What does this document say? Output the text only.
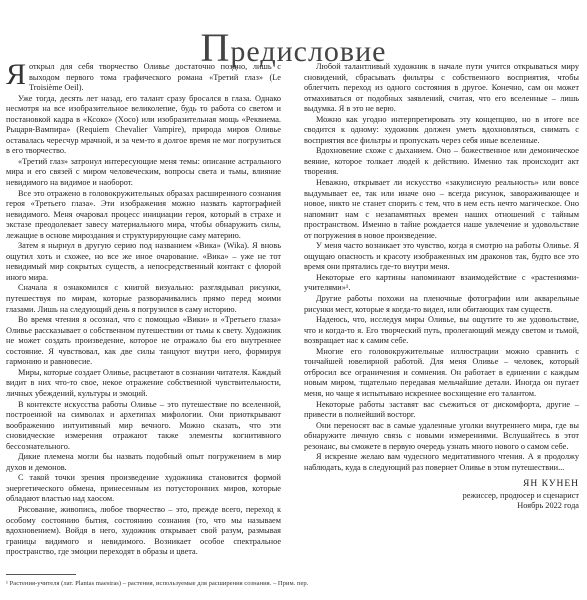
Предисловие

Яоткрыл для себя творчество Оливье достаточно поздно, лишь с выходом первого тома графического романа «Третий глаз» (Le Troisième Oeil).

Уже тогда, десять лет назад, его талант сразу бросался в глаза. Однако несмотря на все изобразительное великолепие, будь то работа со светом и постановкой кадра в «Ксоко» (Xoco) или изобразительная мощь «Реквиема. Рыцаря-Вампира» (Requiem Chevalier Vampire), природа миров Оливье оставалась чересчур мрачной, и за чем-то я долгое время не мог погрузиться в его творчество.

«Третий глаз» затронул интересующие меня темы: описание астрального мира и его связей с миром человеческим, вопросы света и тьмы, влияние невидимого на видимое и наоборот.

Все это отражено в головокружительных образах расширенного сознания героя «Третьего глаза». Эти изображения можно назвать картографией невидимого. Меня очаровал процесс инициации героя, который в страхе и экстазе преодолевает завесу материального мира, чтобы обнаружить силы, лежащие в основе мироздания и структурирующие саму материю.

Затем я нырнул в другую серию под названием «Вика» (Wika). Я вновь ощутил хоть и схожее, но все же иное очарование. «Вика» – уже не тот невидимый мир сокрытых существ, а непосредственный контакт с флорой иного мира.

Сначала я ознакомился с книгой визуально: разглядывал рисунки, путешествуя по мирам, которые разворачивались прямо перед моими глазами. Лишь на следующий день я погрузился в саму историю.

Во время чтения я осознал, что с помощью «Вики» и «Третьего глаза» Оливье рассказывает о собственном путешествии от тьмы к свету. Художник не может создать произведение, которое не отражало бы его внутреннее состояние. Я чувствовал, как две силы танцуют внутри него, формируя гармонию и равновесие.

Миры, которые создает Оливье, расцветают в сознании читателя. Каждый видит в них что-то свое, некое отражение собственной чувствительности, личных убеждений, культуры и эмоций.

В контексте искусства работы Оливье – это путешествие по вселенной, построенной на символах и архетипах мифологии. Они приоткрывают воображению интуитивный мир вечного. Можно сказать, что эти сновидческие измерения отражают также элементы когнитивного бессознательного.

Дикие племена могли бы назвать подобный опыт погружением в мир духов и демонов.

С такой точки зрения произведение художника становится формой энергетического обмена, принесенным из потусторонних миров, которые обладают властью над хаосом.

Рисование, живопись, любое творчество – это, прежде всего, переход к особому состоянию бытия, состоянию сознания (то, что мы называем вдохновением). Войдя в него, художник открывает свой разум, размывая границы видимого и невидимого. Возникает особое спектральное пространство, где эмоции переходят в образы и цвета.

Любой талантливый художник в начале пути учится открываться миру сновидений, сбрасывать фильтры с собственного восприятия, чтобы облегчить переход из одного состояния в другое. Конечно, сам он может отмахиваться от подобных заявлений, считая, что его вселенные – лишь выдумка. Я в это не верю.

Можно как угодно интерпретировать эту концепцию, но в итоге все сводится к одному: художник должен уметь вдохновляться, снимать с восприятия все фильтры и пропускать через себя иные вселенные.

Вдохновение схоже с дыханием. Оно – божественное или демоническое веяние, которое толкает людей к действию. Именно так происходит акт творения.

Неважно, открывает ли искусство «закулисную реальность» или вовсе выдумывает ее, так или иначе оно – всегда рисунок, завораживающее и новое, никто не станет спорить с тем, что в нем есть нечто магическое. Оно напомнит нам с незапамятных времен наших отношений с тайным пространством. Именно в тайне рождается наше увлечение и удовольствие от погружения в новое произведение.

У меня часто возникает это чувство, когда я смотрю на работы Оливье. Я ощущаю опасность и красоту изображенных им драконов так, будто все это время они прятались где-то внутри меня.

Некоторые его картины напоминают взаимодействие с «растениями-учителями»¹.

Другие работы похожи на пленочные фотографии или акварельные рисунки мест, которые я когда-то видел, или обитающих там существ.

Надеюсь, что, исследуя миры Оливье, вы ощутите то же удовольствие, что и когда-то я. Его творческий путь, пролегающий между светом и тьмой, возвращает нас к самим себе.

Многие его головокружительные иллюстрации можно сравнить с тончайшей ювелирной работой. Для меня Оливье – человек, который отбросил все ограничения и сомнения. Он работает в единении с каждым новым миром, тщательно передавая мельчайшие детали. Иногда он пугает меня, но чаще я испытываю искреннее восхищение его талантом.

Некоторые работы заставят вас съежиться от дискомфорта, другие – привести в полнейший восторг.

Они переносят вас в самые удаленные уголки внутреннего мира, где вы обнаружите личную связь с новыми измерениями. Вслушайтесь в этот резонанс, вы сможете в первую очередь узнать много нового о самом себе.

Я искренне желаю вам чудесного медитативного чтения. А я продолжу наблюдать, куда в следующий раз повернет Оливье в этом путешествии...

ЯН КУНЕН
режиссер, продюсер и сценарист
Ноябрь 2022 года
¹ Растения-учителя (лат. Plantas maestras) – растения, используемые для расширения сознания. – Прим. пер.
